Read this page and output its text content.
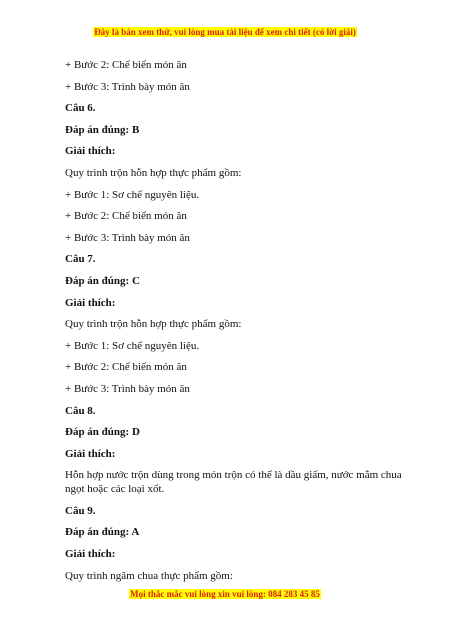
Đây là bản xem thử, vui lòng mua tài liệu để xem chi tiết (có lời giải)

+ Bước 2: Chế biến món ăn

+ Bước 3: Trình bày món ăn

Câu 6.

Đáp án đúng: B

Giải thích:

Quy trình trộn hỗn hợp thực phẩm gồm:

+ Bước 1: Sơ chế nguyên liệu.

+ Bước 2: Chế biến món ăn

+ Bước 3: Trình bày món ăn

Câu 7.

Đáp án đúng: C

Giải thích:

Quy trình trộn hỗn hợp thực phẩm gồm:

+ Bước 1: Sơ chế nguyên liệu.

+ Bước 2: Chế biến món ăn

+ Bước 3: Trình bày món ăn

Câu 8.

Đáp án đúng: D

Giải thích:

Hỗn hợp nước trộn dùng trong món trộn có thể là dầu giấm, nước mắm chua ngọt hoặc các loại xốt.

Câu 9.

Đáp án đúng: A

Giải thích:

Quy trình ngâm chua thực phẩm gồm:

Mọi thắc mắc vui lòng xin vui lòng: 084 283 45 85
